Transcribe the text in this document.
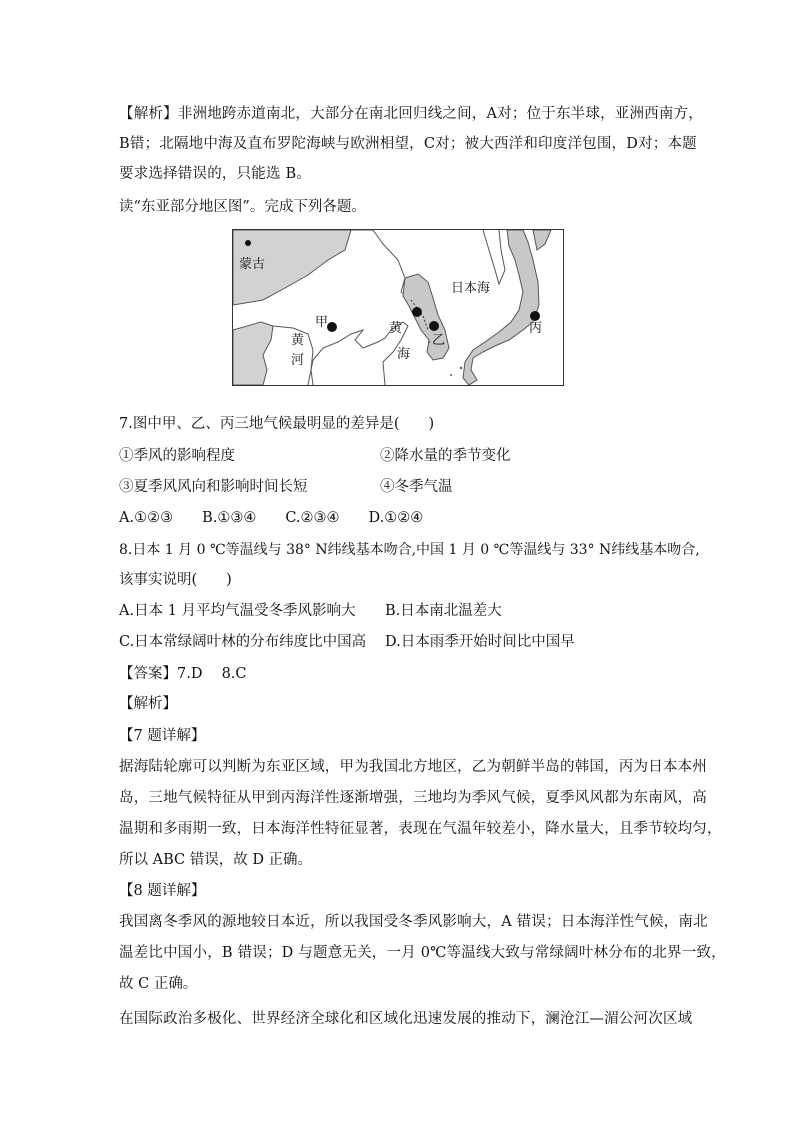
【解析】非洲地跨赤道南北，大部分在南北回归线之间，A对；位于东半球，亚洲西南方，
B错；北隔地中海及直布罗陀海峡与欧洲相望，C对；被大西洋和印度洋包围，D对；本题
要求选择错误的，只能选 B。
读“东亚部分地区图”。完成下列各题。
蒙古
甲
黄
河
黄
海
乙
日本海
丙
7.图中甲、乙、丙三地气候最明显的差异是(　　)
①季风的影响程度	②降水量的季节变化
③夏季风风向和影响时间长短	④冬季气温
A.①②③　　B.①③④　　C.②③④　　D.①②④
8.日本 1 月 0 ℃等温线与 38° N纬线基本吻合,中国 1 月 0 ℃等温线与 33° N纬线基本吻合,
该事实说明(　　)
A.日本 1 月平均气温受冬季风影响大 B.日本南北温差大
C.日本常绿阔叶林的分布纬度比中国高 D.日本雨季开始时间比中国早
【答案】7.D　 8.C
【解析】
【7 题详解】
据海陆轮廓可以判断为东亚区域，甲为我国北方地区，乙为朝鲜半岛的韩国，丙为日本本州
岛，三地气候特征从甲到丙海洋性逐渐增强，三地均为季风气候，夏季风风都为东南风，高
温期和多雨期一致，日本海洋性特征显著，表现在气温年较差小，降水量大，且季节较均匀，
所以 ABC 错误，故 D 正确。
【8 题详解】
我国离冬季风的源地较日本近，所以我国受冬季风影响大，A 错误；日本海洋性气候，南北
温差比中国小，B 错误；D 与题意无关，一月 0℃等温线大致与常绿阔叶林分布的北界一致，
故 C 正确。
在国际政治多极化、世界经济全球化和区域化迅速发展的推动下，澜沧江—湄公河次区域
